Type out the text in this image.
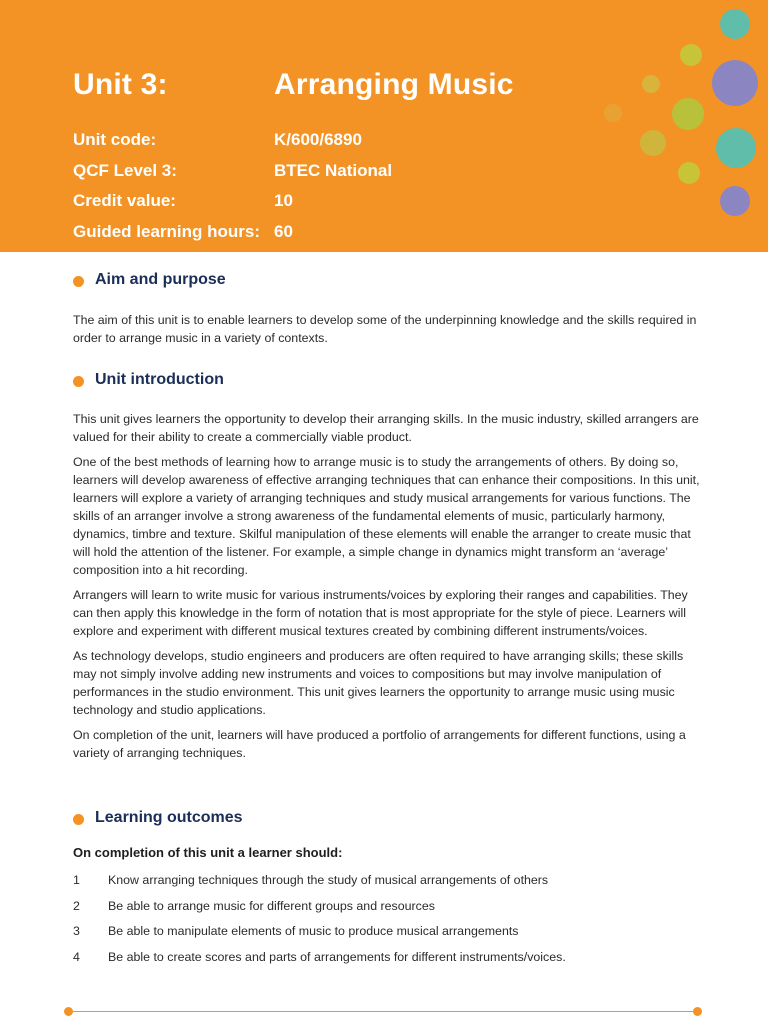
Unit 3:	Arranging Music
Unit code:	K/600/6890
QCF Level 3:	BTEC National
Credit value:	10
Guided learning hours: 60
Aim and purpose

The aim of this unit is to enable learners to develop some of the underpinning knowledge and the skills required in order to arrange music in a variety of contexts.

Unit introduction

This unit gives learners the opportunity to develop their arranging skills. In the music industry, skilled arrangers are valued for their ability to create a commercially viable product.

One of the best methods of learning how to arrange music is to study the arrangements of others. By doing so, learners will develop awareness of effective arranging techniques that can enhance their compositions. In this unit, learners will explore a variety of arranging techniques and study musical arrangements for various functions. The skills of an arranger involve a strong awareness of the fundamental elements of music, particularly harmony, dynamics, timbre and texture. Skilful manipulation of these elements will enable the arranger to create music that will hold the attention of the listener. For example, a simple change in dynamics might transform an ‘average’ composition into a hit recording.

Arrangers will learn to write music for various instruments/voices by exploring their ranges and capabilities. They can then apply this knowledge in the form of notation that is most appropriate for the style of piece. Learners will explore and experiment with different musical textures created by combining different instruments/voices.

As technology develops, studio engineers and producers are often required to have arranging skills; these skills may not simply involve adding new instruments and voices to compositions but may involve manipulation of performances in the studio environment. This unit gives learners the opportunity to arrange music using music technology and studio applications.

On completion of the unit, learners will have produced a portfolio of arrangements for different functions, using a variety of arranging techniques.

Learning outcomes
On completion of this unit a learner should:
1 Know arranging techniques through the study of musical arrangements of others
2 Be able to arrange music for different groups and resources
3 Be able to manipulate elements of music to produce musical arrangements
4 Be able to create scores and parts of arrangements for different instruments/voices.
